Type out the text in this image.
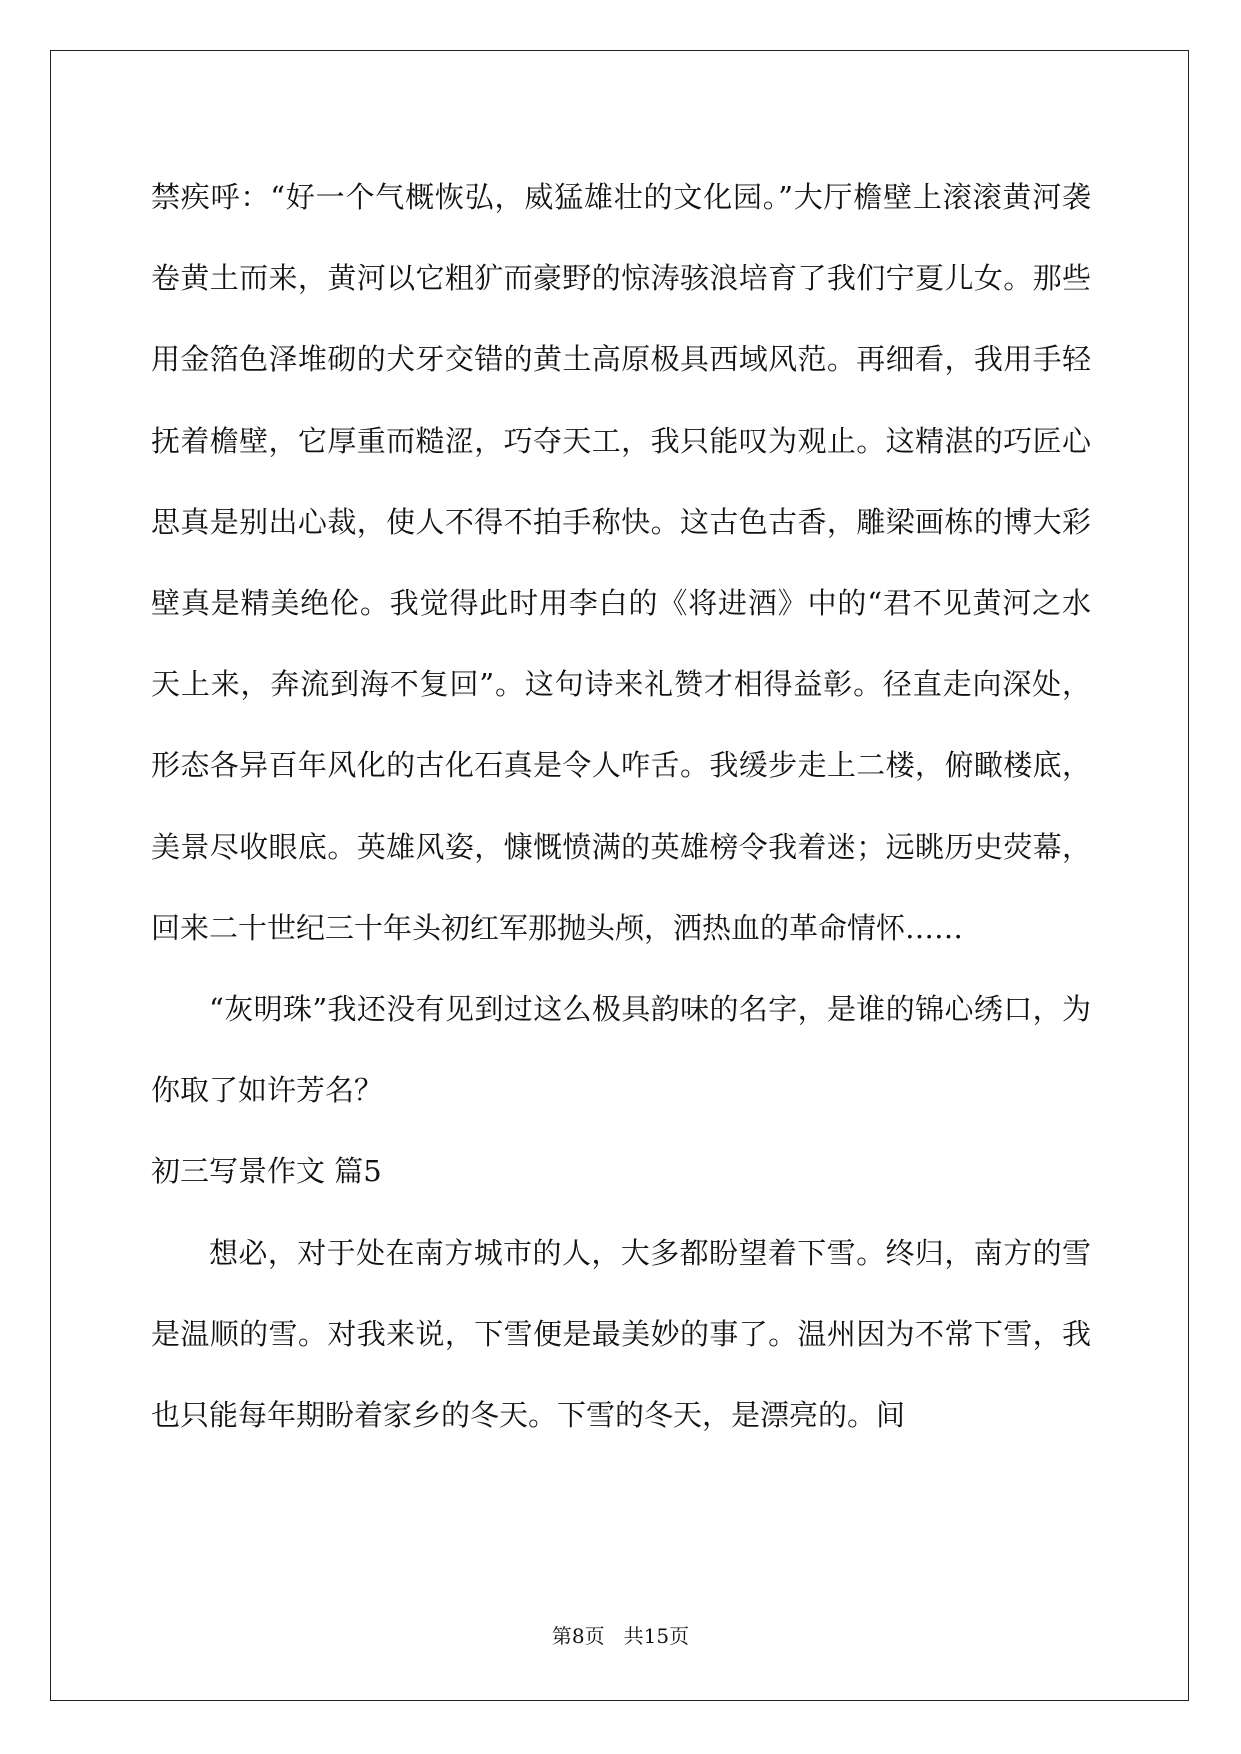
禁疾呼：“好一个气概恢弘，威猛雄壮的文化园。”大厅檐壁上滚滚黄河袭卷黄土而来，黄河以它粗犷而豪野的惊涛骇浪培育了我们宁夏儿女。那些用金箔色泽堆砌的犬牙交错的黄土高原极具西域风范。再细看，我用手轻抚着檐壁，它厚重而糙涩，巧夺天工，我只能叹为观止。这精湛的巧匠心思真是别出心裁，使人不得不拍手称快。这古色古香，雕梁画栋的博大彩壁真是精美绝伦。我觉得此时用李白的《将进酒》中的“君不见黄河之水天上来，奔流到海不复回”。这句诗来礼赞才相得益彰。径直走向深处，形态各异百年风化的古化石真是令人咋舌。我缓步走上二楼，俯瞰楼底，美景尽收眼底。英雄风姿，慷慨愤满的英雄榜令我着迷；远眺历史荧幕，回来二十世纪三十年头初红军那抛头颅，洒热血的革命情怀……

“灰明珠”我还没有见到过这么极具韵味的名字，是谁的锦心绣口，为你取了如许芳名？

初三写景作文 篇5

想必，对于处在南方城市的人，大多都盼望着下雪。终归，南方的雪是温顺的雪。对我来说，下雪便是最美妙的事了。温州因为不常下雪，我也只能每年期盼着家乡的冬天。下雪的冬天，是漂亮的。间

第8页   共15页
